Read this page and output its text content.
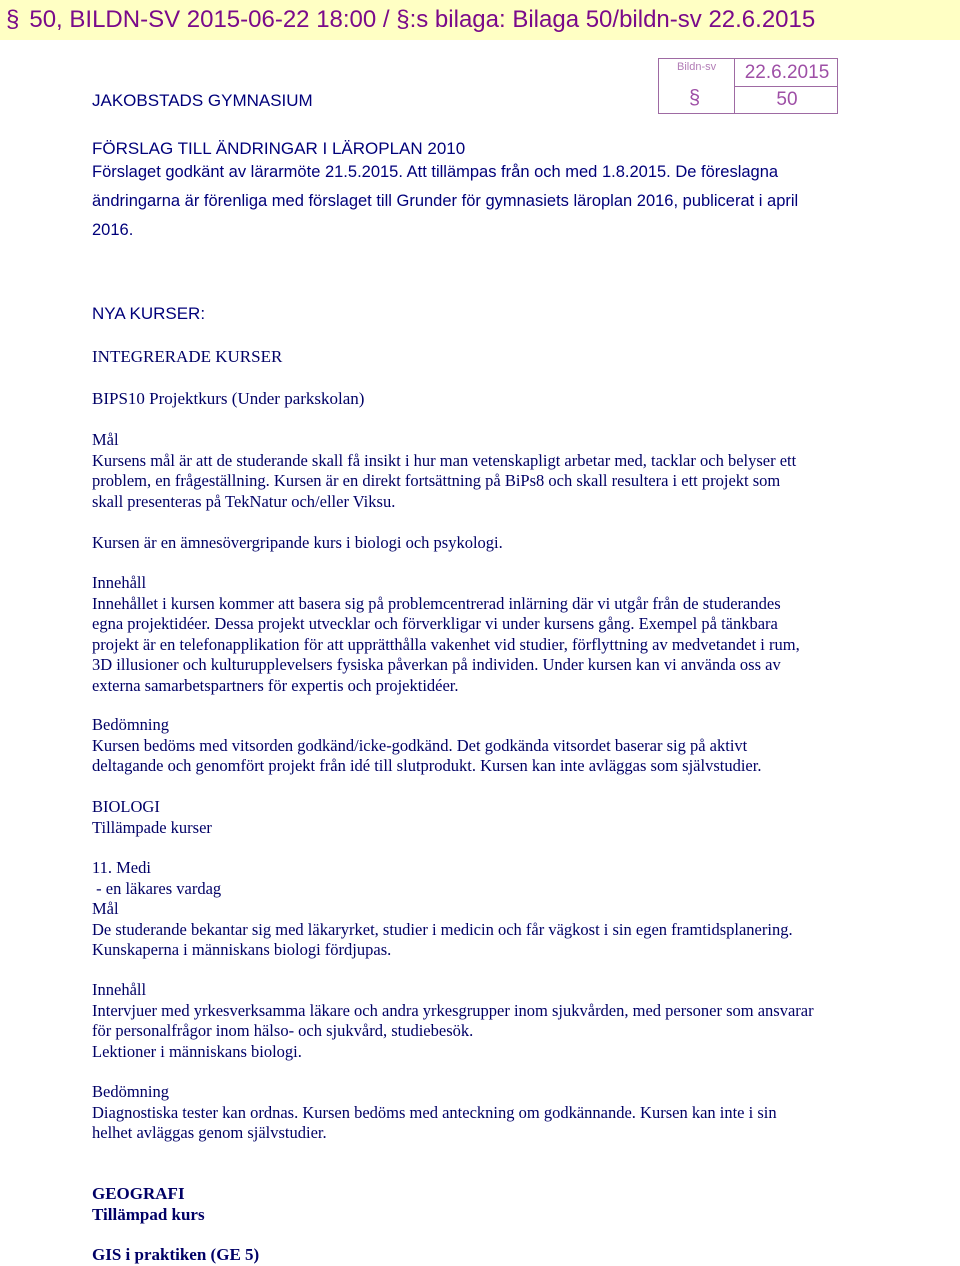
§ 50, BILDN-SV 2015-06-22 18:00 / §:s bilaga: Bilaga 50/bildn-sv 22.6.2015
Bildn-sv
§
22.6.2015
50
JAKOBSTADS GYMNASIUM
FÖRSLAG TILL ÄNDRINGAR I LÄROPLAN 2010
Förslaget godkänt av lärarmöte 21.5.2015. Att tillämpas från och med 1.8.2015. De föreslagna
ändringarna är förenliga med förslaget till Grunder för gymnasiets läroplan 2016, publicerat i april
2016.
NYA KURSER:
INTEGRERADE KURSER
BIPS10 Projektkurs (Under parkskolan)
Mål
Kursens mål är att de studerande skall få insikt i hur man vetenskapligt arbetar med, tacklar och belyser ett
problem, en frågeställning. Kursen är en direkt fortsättning på BiPs8 och skall resultera i ett projekt som
skall presenteras på TekNatur och/eller Viksu.
Kursen är en ämnesövergripande kurs i biologi och psykologi.
Innehåll
Innehållet i kursen kommer att basera sig på problemcentrerad inlärning där vi utgår från de studerandes
egna projektidéer. Dessa projekt utvecklar och förverkligar vi under kursens gång. Exempel på tänkbara
projekt är en telefonapplikation för att upprätthålla vakenhet vid studier, förflyttning av medvetandet i rum,
3D illusioner och kulturupplevelsers fysiska påverkan på individen. Under kursen kan vi använda oss av
externa samarbetspartners för expertis och projektidéer.
Bedömning
Kursen bedöms med vitsorden godkänd/icke-godkänd. Det godkända vitsordet baserar sig på aktivt
deltagande och genomfört projekt från idé till slutprodukt. Kursen kan inte avläggas som självstudier.
BIOLOGI
Tillämpade kurser
11. Medi
- en läkares vardag
Mål
De studerande bekantar sig med läkaryrket, studier i medicin och får vägkost i sin egen framtidsplanering.
Kunskaperna i människans biologi fördjupas.
Innehåll
Intervjuer med yrkesverksamma läkare och andra yrkesgrupper inom sjukvården, med personer som ansvarar
för personalfrågor inom hälso- och sjukvård, studiebesök.
Lektioner i människans biologi.
Bedömning
Diagnostiska tester kan ordnas. Kursen bedöms med anteckning om godkännande. Kursen kan inte i sin
helhet avläggas genom självstudier.
GEOGRAFI
Tillämpad kurs
GIS i praktiken (GE 5)
